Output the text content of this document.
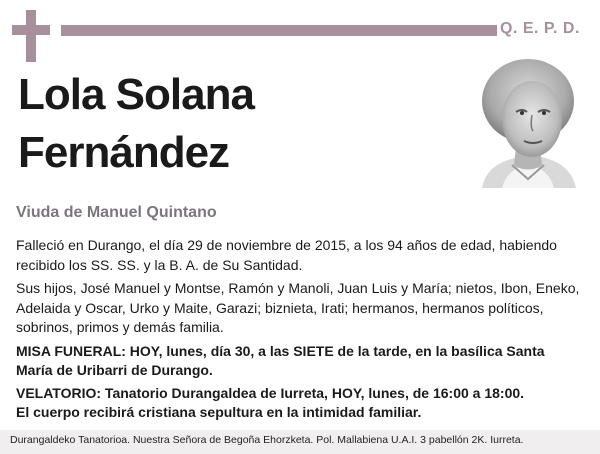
Q. E. P. D.
Lola Solana
Fernández
Viuda de Manuel Quintano

Falleció en Durango, el día 29 de noviembre de 2015, a los 94 años de edad, habiendo recibido los SS. SS. y la B. A. de Su Santidad.

Sus hijos, José Manuel y Montse, Ramón y Manoli, Juan Luis y María; nietos, Ibon, Eneko, Adelaida y Oscar, Urko y Maite, Garazi; biznieta, Irati; hermanos, hermanos políticos, sobrinos, primos y demás familia.

MISA FUNERAL: HOY, lunes, día 30, a las SIETE de la tarde, en la basílica Santa María de Uribarri de Durango.

VELATORIO: Tanatorio Durangaldea de Iurreta, HOY, lunes, de 16:00 a 18:00.

El cuerpo recibirá cristiana sepultura en la intimidad familiar.

Durangaldeko Tanatorioa. Nuestra Señora de Begoña Ehorzketa. Pol. Mallabiena U.A.I. 3 pabellón 2K. Iurreta.
